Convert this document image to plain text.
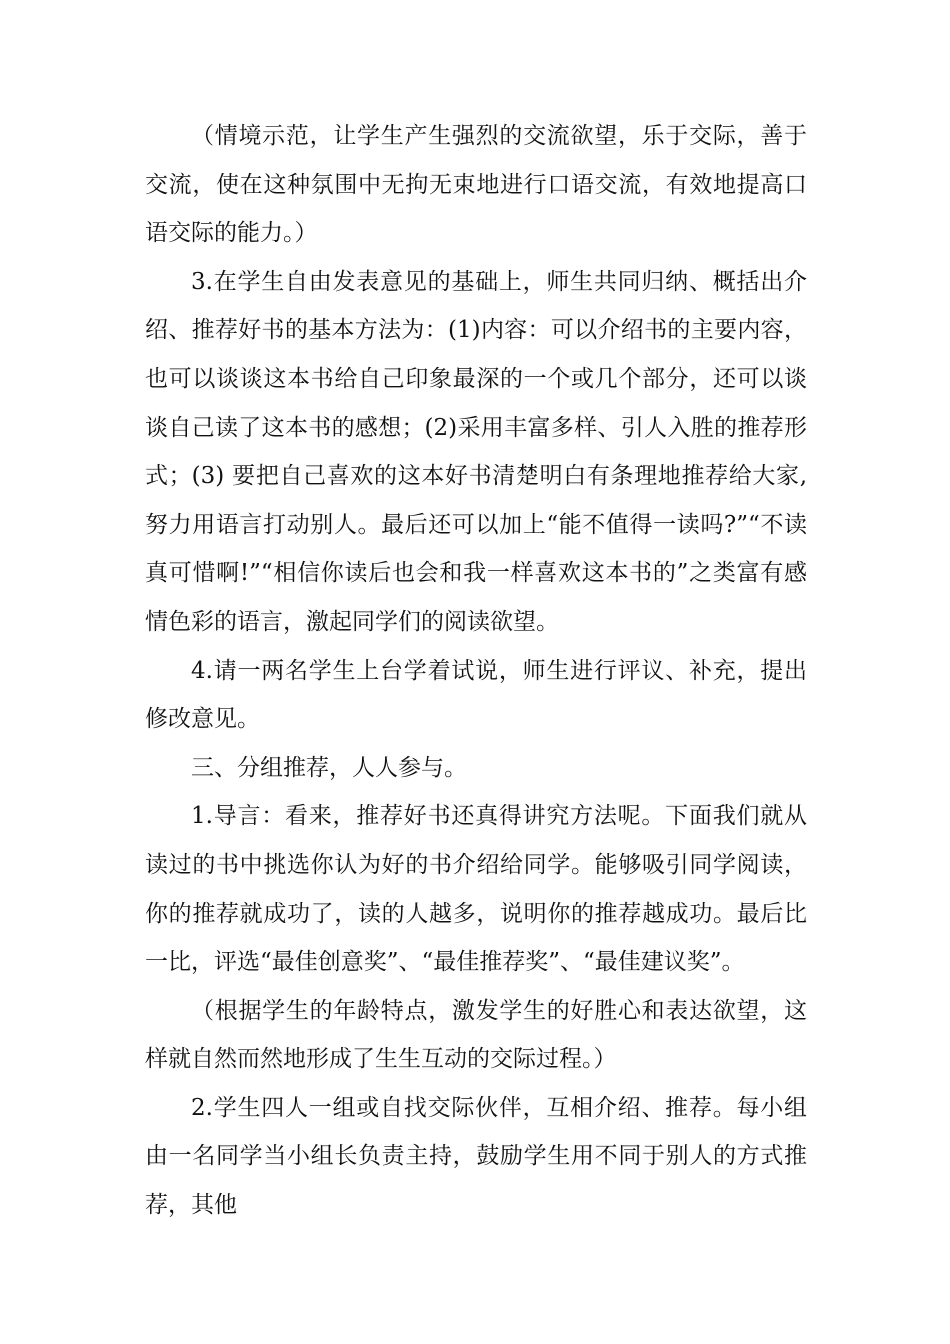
（情境示范，让学生产生强烈的交流欲望，乐于交际，善于交流，使在这种氛围中无拘无束地进行口语交流，有效地提高口语交际的能力。）

3.在学生自由发表意见的基础上，师生共同归纳、概括出介绍、推荐好书的基本方法为：(1)内容：可以介绍书的主要内容，也可以谈谈这本书给自己印象最深的一个或几个部分，还可以谈谈自己读了这本书的感想；(2)采用丰富多样、引人入胜的推荐形式；(3) 要把自己喜欢的这本好书清楚明白有条理地推荐给大家,努力用语言打动别人。最后还可以加上“能不值得一读吗?”“不读真可惜啊!”“相信你读后也会和我一样喜欢这本书的”之类富有感情色彩的语言，激起同学们的阅读欲望。

4.请一两名学生上台学着试说，师生进行评议、补充，提出修改意见。

三、分组推荐，人人参与。

1.导言：看来，推荐好书还真得讲究方法呢。下面我们就从读过的书中挑选你认为好的书介绍给同学。能够吸引同学阅读，你的推荐就成功了，读的人越多，说明你的推荐越成功。最后比一比，评选“最佳创意奖”、“最佳推荐奖”、“最佳建议奖”。

（根据学生的年龄特点，激发学生的好胜心和表达欲望，这样就自然而然地形成了生生互动的交际过程。）

2.学生四人一组或自找交际伙伴，互相介绍、推荐。每小组由一名同学当小组长负责主持，鼓励学生用不同于别人的方式推荐，其他
